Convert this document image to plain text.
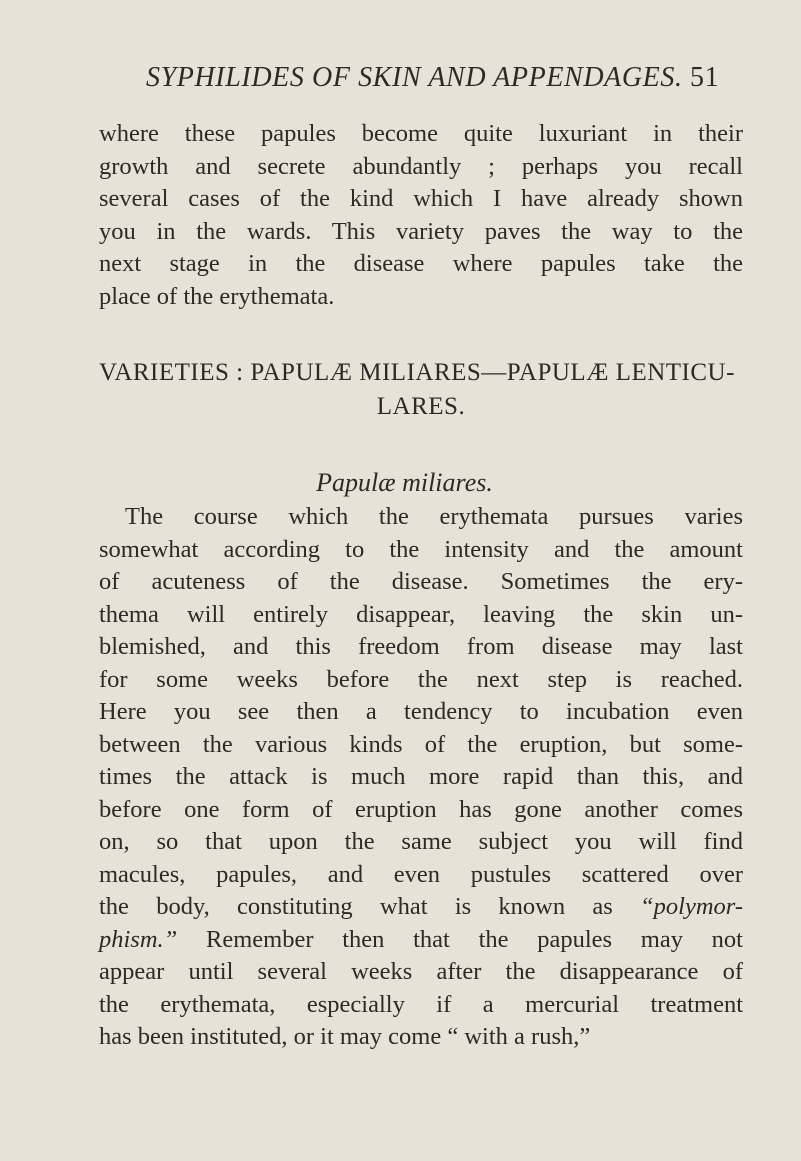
SYPHILIDES OF SKIN AND APPENDAGES. 51
where these papules become quite luxuriant in their
growth and secrete abundantly ; perhaps you recall
several cases of the kind which I have already shown
you in the wards. This variety paves the way to the
next stage in the disease where papules take the
place of the erythemata.
VARIETIES : PAPULÆ MILIARES—PAPULÆ LENTICU-
LARES.
Papulæ miliares.
The course which the erythemata pursues varies
somewhat according to the intensity and the amount
of acuteness of the disease. Sometimes the ery-
thema will entirely disappear, leaving the skin un-
blemished, and this freedom from disease may last
for some weeks before the next step is reached.
Here you see then a tendency to incubation even
between the various kinds of the eruption, but some-
times the attack is much more rapid than this, and
before one form of eruption has gone another comes
on, so that upon the same subject you will find
macules, papules, and even pustules scattered over
the body, constituting what is known as “polymor-
phism.” Remember then that the papules may not
appear until several weeks after the disappearance of
the erythemata, especially if a mercurial treatment
has been instituted, or it may come “ with a rush,”
